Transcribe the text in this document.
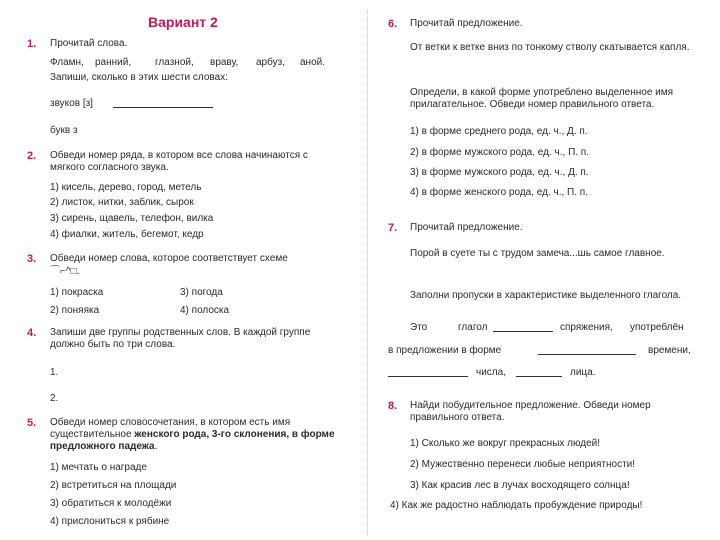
Вариант 2
1. Прочитай слова.
Фламн, ранний, глазной, враву, арбуз, аной.
Запиши, сколько в этих шести словах:
звуков [з]
букв з
2. Обведи номер ряда, в котором все слова начинаются с мягкого согласного звука.
1) кисель, дерево, город, метель
2) листок, нитки, заблик, сырок
3) сирень, щавель, телефон, вилка
4) фиалки, житель, бегемот, кедр
3. Обведи номер слова, которое соответствует схеме
⌒⌐^□.
1) покраска	3) погода
2) поняяка	4) полоска
4. Запиши две группы родственных слов. В каждой группе должно быть по три слова.
1.
2.
5. Обведи номер словосочетания, в котором есть имя существительное женского рода, 3-го склонения, в форме предложного падежа.
1) мечтать о награде
2) встретиться на площади
3) обратиться к молодёжи
4) прислониться к рябине
6. Прочитай предложение.
От ветки к ветке вниз по тонкому стволу скатывается капля.
Определи, в какой форме употреблено выделенное имя прилагательное. Обведи номер правильного ответа.
1) в форме среднего рода, ед. ч., Д. п.
2) в форме мужского рода, ед. ч., П. п.
3) в форме мужского рода, ед. ч., Д. п.
4) в форме женского рода, ед. ч., П. п.
7. Прочитай предложение.
Порой в суете ты с трудом замеча...шь самое главное.
Заполни пропуски в характеристике выделенного глагола.
Это	глагол	спряжения, употреблён
в предложении в форме	времени,
числа,	лица.
8. Найди побудительное предложение. Обведи номер правильного ответа.
1) Сколько же вокруг прекрасных людей!
2) Мужественно перенеси любые неприятности!
3) Как красив лес в лучах восходящего солнца!
4) Как же радостно наблюдать пробуждение природы!
